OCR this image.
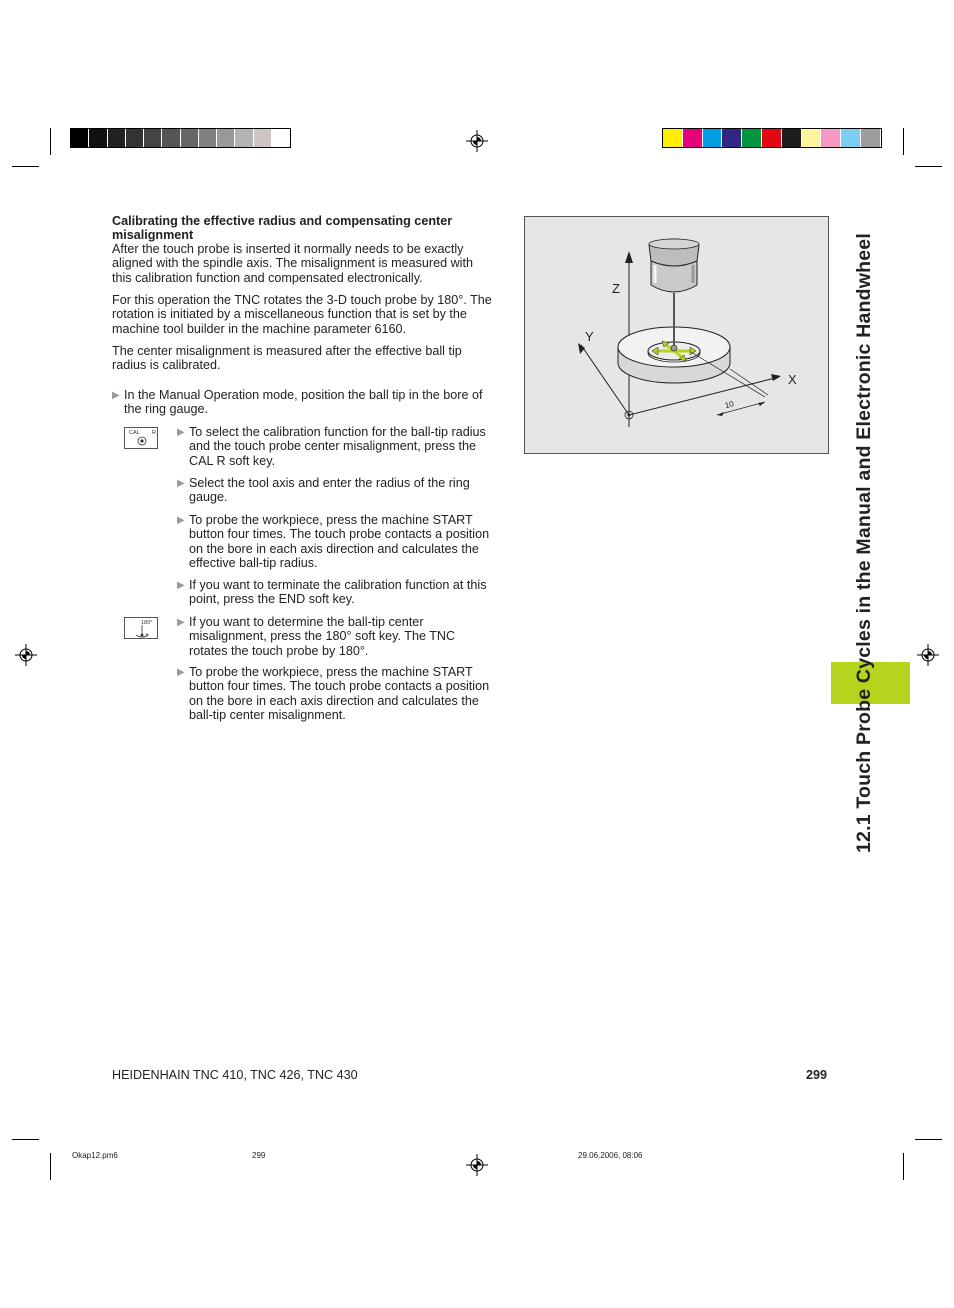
Calibrating the effective radius and compensating center
misalignment
After the touch probe is inserted it normally needs to be exactly
aligned with the spindle axis. The misalignment is measured with
this calibration function and compensated electronically.
For this operation the TNC rotates the 3-D touch probe by 180°. The
rotation is initiated by a miscellaneous function that is set by the
machine tool builder in the machine parameter 6160.
The center misalignment is measured after the effective ball tip
radius is calibrated.
▶ In the Manual Operation mode, position the ball tip in the bore of
the ring gauge.
CAL R ▶ To select the calibration function for the ball-tip radius
and the touch probe center misalignment, press the
CAL R soft key.
▶ Select the tool axis and enter the radius of the ring
gauge.
▶ To probe the workpiece, press the machine START
button four times. The touch probe contacts a position
on the bore in each axis direction and calculates the
effective ball-tip radius.
▶ If you want to terminate the calibration function at this
point, press the END soft key.
180° ▶ If you want to determine the ball-tip center
misalignment, press the 180° soft key. The TNC
rotates the touch probe by 180°.
▶ To probe the workpiece, press the machine START
button four times. The touch probe contacts a position
on the bore in each axis direction and calculates the
ball-tip center misalignment.
10
Z
Y
X	12.1 Touch Probe Cycles in the Manual and Electronic Handwheel
HEIDENHAIN TNC 410, TNC 426, TNC 430	299
Okap12.pm6	299	29.06.2006, 08:06
